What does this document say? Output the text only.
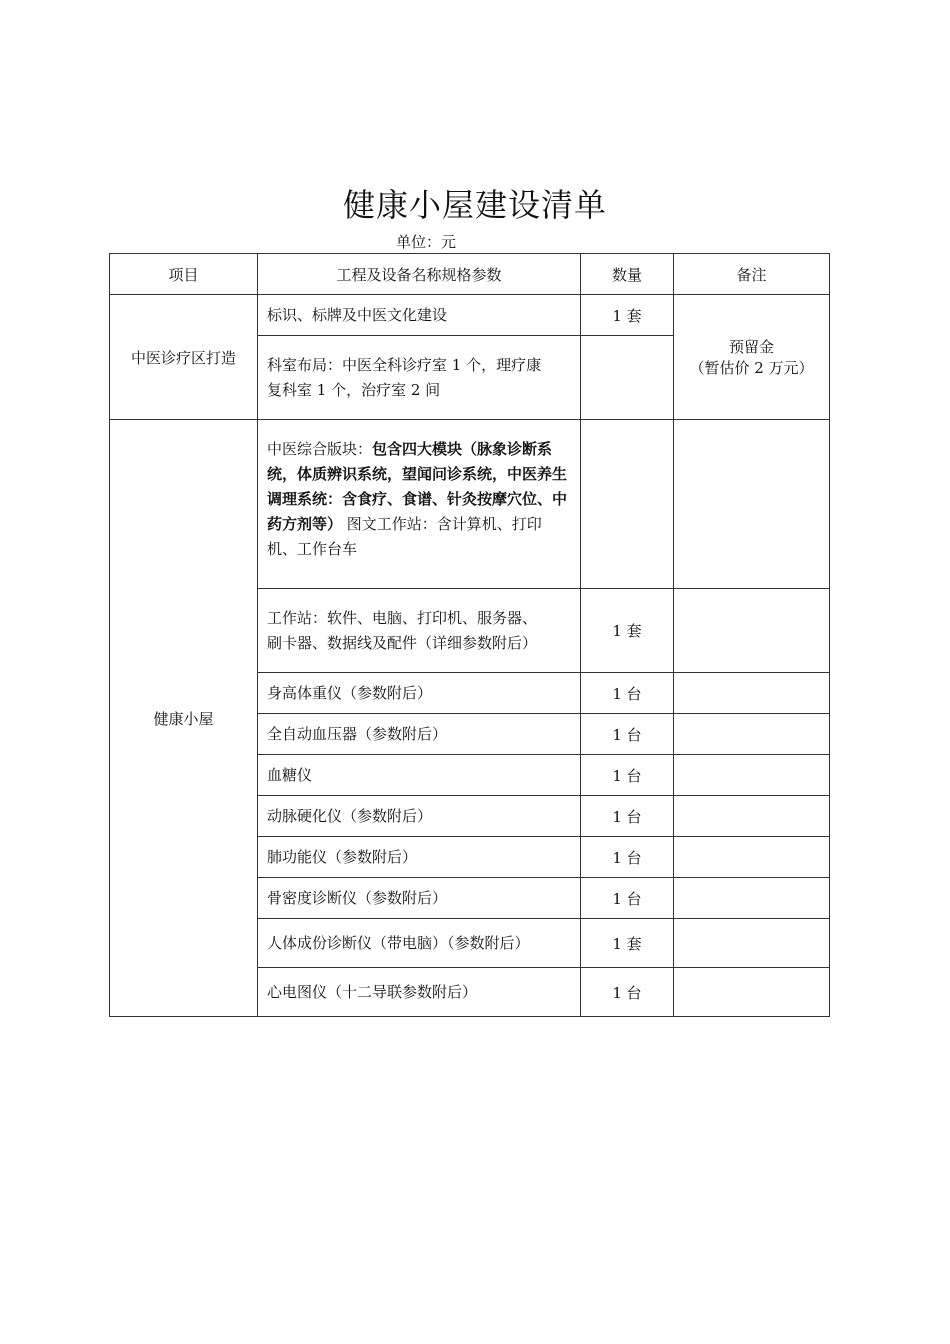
健康小屋建设清单
单位：元
项目	工程及设备名称规格参数	数量	备注
中医诊疗区打造	标识、标牌及中医文化建设	1 套	预留金
（暂估价 2 万元）

	科室布局：中医全科诊疗室 1 个，理疗康
复科室 1 个，治疗室 2 间		

健康小屋	中医综合版块：包含四大模块（脉象诊断系统，体质辨识系统，望闻问诊系统，中医养生调理系统：含食疗、食谱、针灸按摩穴位、中药方剂等） 图文工作站：含计算机、打印机、工作台车		

	工作站：软件、电脑、打印机、服务器、
刷卡器、数据线及配件（详细参数附后）	1 套	
	身高体重仪（参数附后）	1 台	
	全自动血压器（参数附后）	1 台	
	血糖仪	1 台	
	动脉硬化仪（参数附后）	1 台	
	肺功能仪（参数附后）	1 台	
	骨密度诊断仪（参数附后）	1 台	
	人体成份诊断仪（带电脑）（参数附后）	1 套	
	心电图仪（十二导联参数附后）	1 台	
